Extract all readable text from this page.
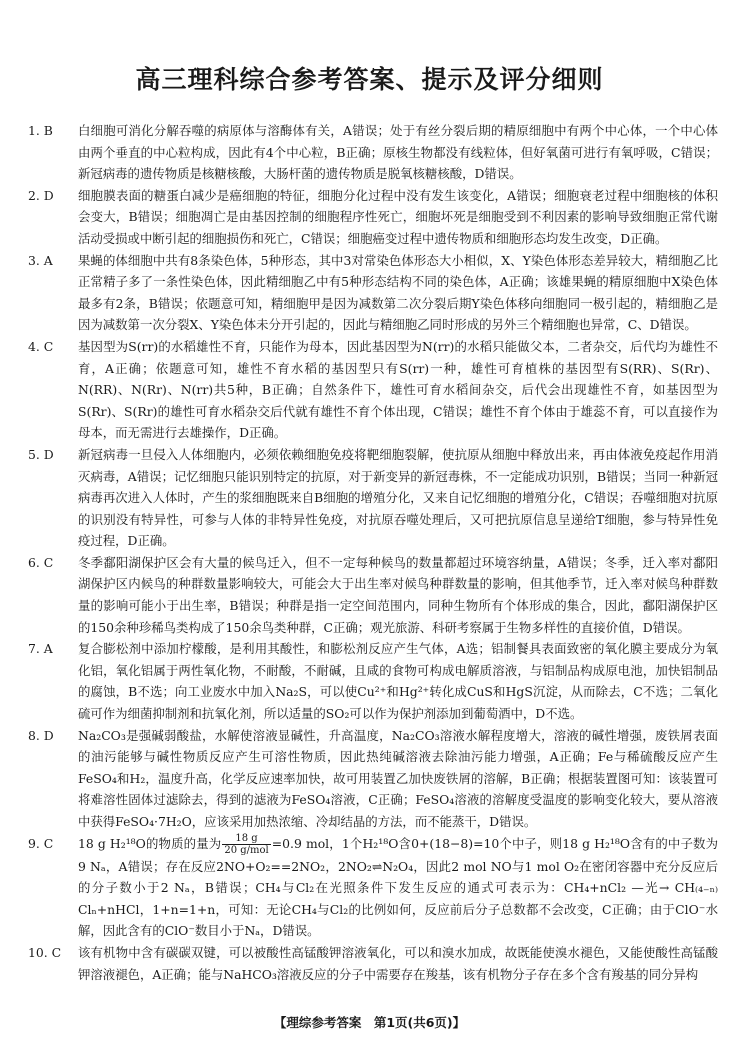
高三理科综合参考答案、提示及评分细则
1. B	白细胞可消化分解吞噬的病原体与溶酶体有关，A错误；处于有丝分裂后期的精原细胞中有两个中心体，一个中心体由两个垂直的中心粒构成，因此有4个中心粒，B正确；原核生物都没有线粒体，但好氧菌可进行有氧呼吸，C错误；新冠病毒的遗传物质是核糖核酸，大肠杆菌的遗传物质是脱氧核糖核酸，D错误。
2. D	细胞膜表面的糖蛋白减少是癌细胞的特征，细胞分化过程中没有发生该变化，A错误；细胞衰老过程中细胞核的体积会变大，B错误；细胞凋亡是由基因控制的细胞程序性死亡，细胞坏死是细胞受到不利因素的影响导致细胞正常代谢活动受损或中断引起的细胞损伤和死亡，C错误；细胞癌变过程中遗传物质和细胞形态均发生改变，D正确。
3. A	果蝇的体细胞中共有8条染色体，5种形态，其中3对常染色体形态大小相似，X、Y染色体形态差异较大，精细胞乙比正常精子多了一条性染色体，因此精细胞乙中有5种形态结构不同的染色体，A正确；该雄果蝇的精原细胞中X染色体最多有2条，B错误；依题意可知，精细胞甲是因为减数第二次分裂后期Y染色体移向细胞同一极引起的，精细胞乙是因为减数第一次分裂X、Y染色体未分开引起的，因此与精细胞乙同时形成的另外三个精细胞也异常，C、D错误。
4. C	基因型为S(rr)的水稻雄性不育，只能作为母本，因此基因型为N(rr)的水稻只能做父本，二者杂交，后代均为雄性不育，A正确；依题意可知，雄性不育水稻的基因型只有S(rr)一种，雄性可育植株的基因型有S(RR)、S(Rr)、N(RR)、N(Rr)、N(rr)共5种，B正确；自然条件下，雄性可育水稻间杂交，后代会出现雄性不育，如基因型为S(Rr)、S(Rr)的雄性可育水稻杂交后代就有雄性不育个体出现，C错误；雄性不育个体由于雄蕊不育，可以直接作为母本，而无需进行去雄操作，D正确。
5. D	新冠病毒一旦侵入人体细胞内，必须依赖细胞免疫将靶细胞裂解，使抗原从细胞中释放出来，再由体液免疫起作用消灭病毒，A错误；记忆细胞只能识别特定的抗原，对于新变异的新冠毒株，不一定能成功识别，B错误；当同一种新冠病毒再次进入人体时，产生的浆细胞既来自B细胞的增殖分化，又来自记忆细胞的增殖分化，C错误；吞噬细胞对抗原的识别没有特异性，可参与人体的非特异性免疫，对抗原吞噬处理后，又可把抗原信息呈递给T细胞，参与特异性免疫过程，D正确。
6. C	冬季鄱阳湖保护区会有大量的候鸟迁入，但不一定每种候鸟的数量都超过环境容纳量，A错误；冬季，迁入率对鄱阳湖保护区内候鸟的种群数量影响较大，可能会大于出生率对候鸟种群数量的影响，但其他季节，迁入率对候鸟种群数量的影响可能小于出生率，B错误；种群是指一定空间范围内，同种生物所有个体形成的集合，因此，鄱阳湖保护区的150余种珍稀鸟类构成了150余鸟类种群，C正确；观光旅游、科研考察属于生物多样性的直接价值，D错误。
7. A	复合膨松剂中添加柠檬酸，是利用其酸性，和膨松剂反应产生气体，A选；铝制餐具表面致密的氧化膜主要成分为氧化铝，氧化铝属于两性氧化物，不耐酸，不耐碱，且咸的食物可构成电解质溶液，与铝制品构成原电池，加快铝制品的腐蚀，B不选；向工业废水中加入Na₂S，可以使Cu²⁺和Hg²⁺转化成CuS和HgS沉淀，从而除去，C不选；二氧化硫可作为细菌抑制剂和抗氧化剂，所以适量的SO₂可以作为保护剂添加到葡萄酒中，D不选。
8. D	Na₂CO₃是强碱弱酸盐，水解使溶液显碱性，升高温度，Na₂CO₃溶液水解程度增大，溶液的碱性增强，废铁屑表面的油污能够与碱性物质反应产生可溶性物质，因此热纯碱溶液去除油污能力增强，A正确；Fe与稀硫酸反应产生FeSO₄和H₂，温度升高，化学反应速率加快，故可用装置乙加快废铁屑的溶解，B正确；根据装置图可知：该装置可将难溶性固体过滤除去，得到的滤液为FeSO₄溶液，C正确；FeSO₄溶液的溶解度受温度的影响变化较大，要从溶液中获得FeSO₄·7H₂O，应该采用加热浓缩、冷却结晶的方法，而不能蒸干，D错误。
9. C	18 g H₂¹⁸O的物质的量为 $\frac{18 g}{\text{20 g/mol}} =0.9$ mol，1个H₂¹⁸O含0+(18−8)=10个中子，则18 g H₂¹⁸O含有的中子数为9 Nₐ，A错误；存在反应2NO+O₂==2NO₂，2NO₂⇌N₂O₄，因此2 mol NO与1 mol O₂在密闭容器中充分反应后的分子数小于2 Nₐ，B错误；CH₄与Cl₂在光照条件下发生反应的通式可表示为：CH₄+nCl₂ —光→ CH₍₄₋ₙ₎Clₙ+nHCl，1+n=1+n，可知：无论CH₄与Cl₂的比例如何，反应前后分子总数都不会改变，C正确；由于ClO⁻水解，因此含有的ClO⁻数目小于Nₐ，D错误。
10. C	该有机物中含有碳碳双键，可以被酸性高锰酸钾溶液氧化，可以和溴水加成，故既能使溴水褪色，又能使酸性高锰酸钾溶液褪色，A正确；能与NaHCO₃溶液反应的分子中需要存在羧基，该有机物分子存在多个含有羧基的同分异构
【理综参考答案　第1页(共6页)】
